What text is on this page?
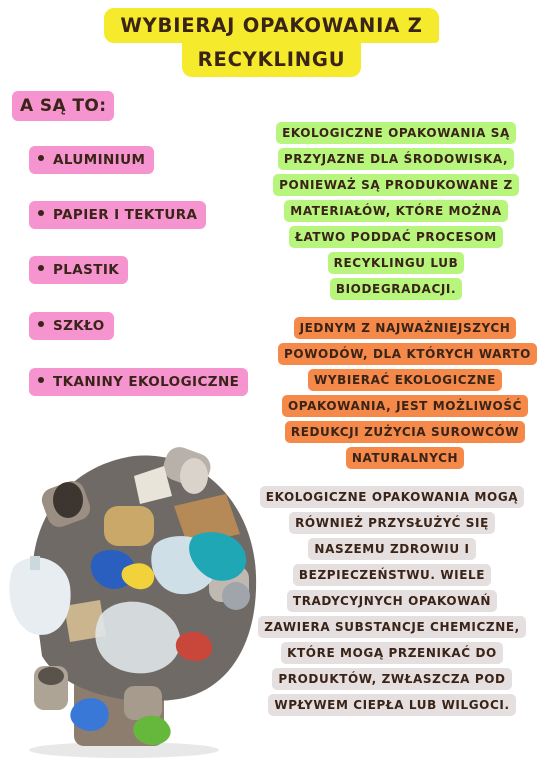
WYBIERAJ OPAKOWANIA Z
RECYKLINGU
A SĄ TO:
ALUMINIUM
PAPIER I TEKTURA
PLASTIK
SZKŁO
TKANINY EKOLOGICZNE
EKOLOGICZNE OPAKOWANIA SĄ PRZYJAZNE DLA ŚRODOWISKA, PONIEWAŻ SĄ PRODUKOWANE Z MATERIAŁÓW, KTÓRE MOŻNA ŁATWO PODDAĆ PROCESOM RECYKLINGU LUB BIODEGRADACJI.
JEDNYM Z NAJWAŻNIEJSZYCH POWODÓW, DLA KTÓRYCH WARTO WYBIERAĆ EKOLOGICZNE OPAKOWANIA, JEST MOŻLIWOŚĆ REDUKCJI ZUŻYCIA SUROWCÓW NATURALNYCH
EKOLOGICZNE OPAKOWANIA MOGĄ RÓWNIEŻ PRZYSŁUŻYĆ SIĘ NASZEMU ZDROWIU I BEZPIECZEŃSTWU. WIELE TRADYCYJNYCH OPAKOWAŃ ZAWIERA SUBSTANCJE CHEMICZNE, KTÓRE MOGĄ PRZENIKAĆ DO PRODUKTÓW, ZWŁASZCZA POD WPŁYWEM CIEPŁA LUB WILGOCI.
